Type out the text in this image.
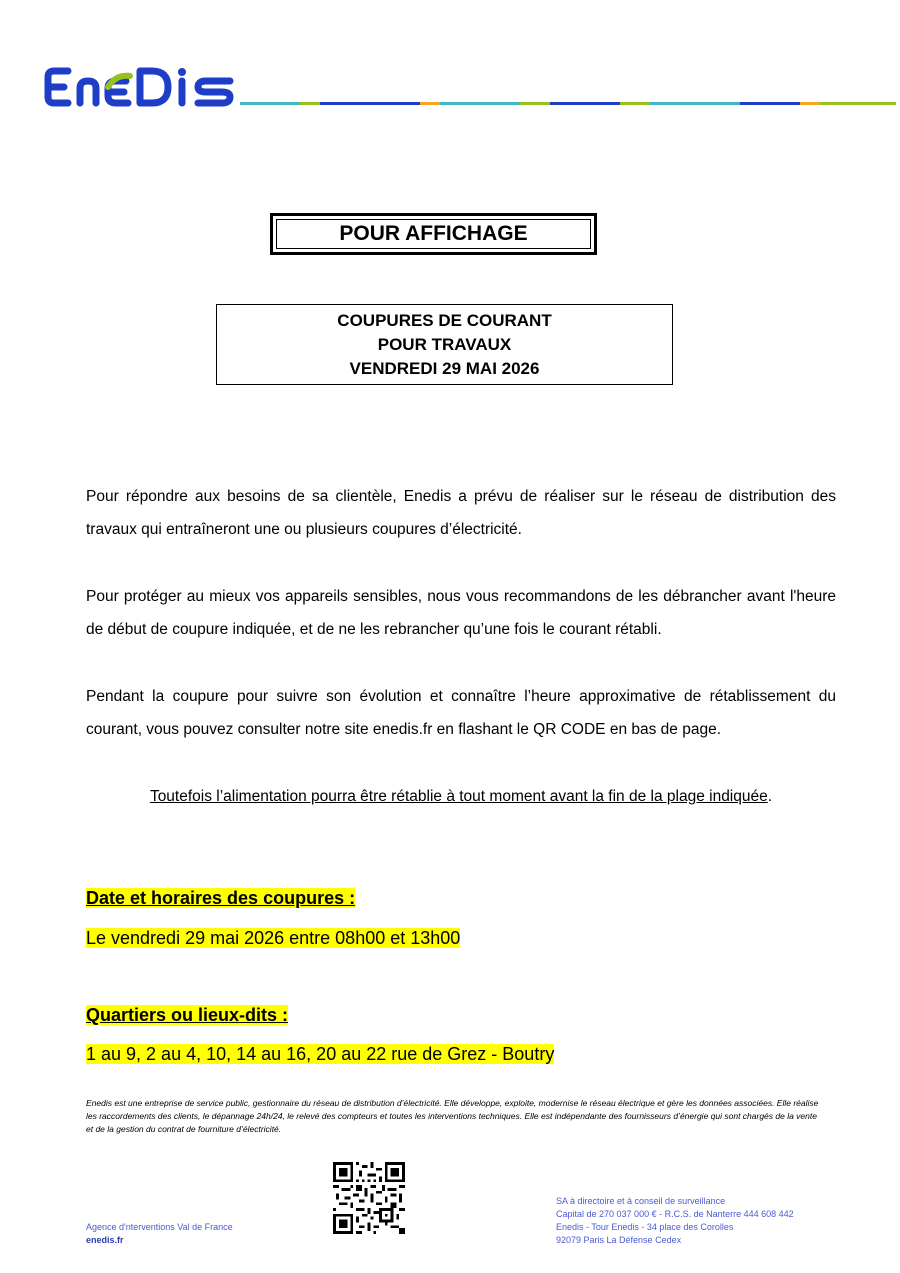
POUR AFFICHAGE
COUPURES DE COURANT
POUR TRAVAUX
VENDREDI 29 MAI 2026

Pour répondre aux besoins de sa clientèle, Enedis a prévu de réaliser sur le réseau de distribution des travaux qui entraîneront une ou plusieurs coupures d’électricité.

Pour protéger au mieux vos appareils sensibles, nous vous recommandons de les débrancher avant l'heure de début de coupure indiquée, et de ne les rebrancher qu’une fois le courant rétabli.

Pendant la coupure pour suivre son évolution et connaître l’heure approximative de rétablissement du courant, vous pouvez consulter notre site enedis.fr en flashant le QR CODE en bas de page.

Toutefois l’alimentation pourra être rétablie à tout moment avant la fin de la plage indiquée.
Date et horaires des coupures :
Le vendredi 29 mai 2026 entre 08h00 et 13h00
Quartiers ou lieux-dits :
1 au 9, 2 au 4, 10, 14 au 16, 20 au 22 rue de Grez - Boutry
Enedis est une entreprise de service public, gestionnaire du réseau de distribution d’électricité. Elle développe, exploite, modernise le réseau électrique et gère les données associées. Elle réalise les raccordements des clients, le dépannage 24h/24, le relevé des compteurs et toutes les interventions techniques. Elle est indépendante des fournisseurs d’énergie qui sont chargés de la vente et de la gestion du contrat de fourniture d’électricité.
Agence d'nterventions Val de France
enedis.fr
SA à directoire et à conseil de surveillance
Capital de 270 037 000 € - R.C.S. de Nanterre 444 608 442
Enedis - Tour Enedis - 34 place des Corolles
92079 Paris La Défense Cedex
